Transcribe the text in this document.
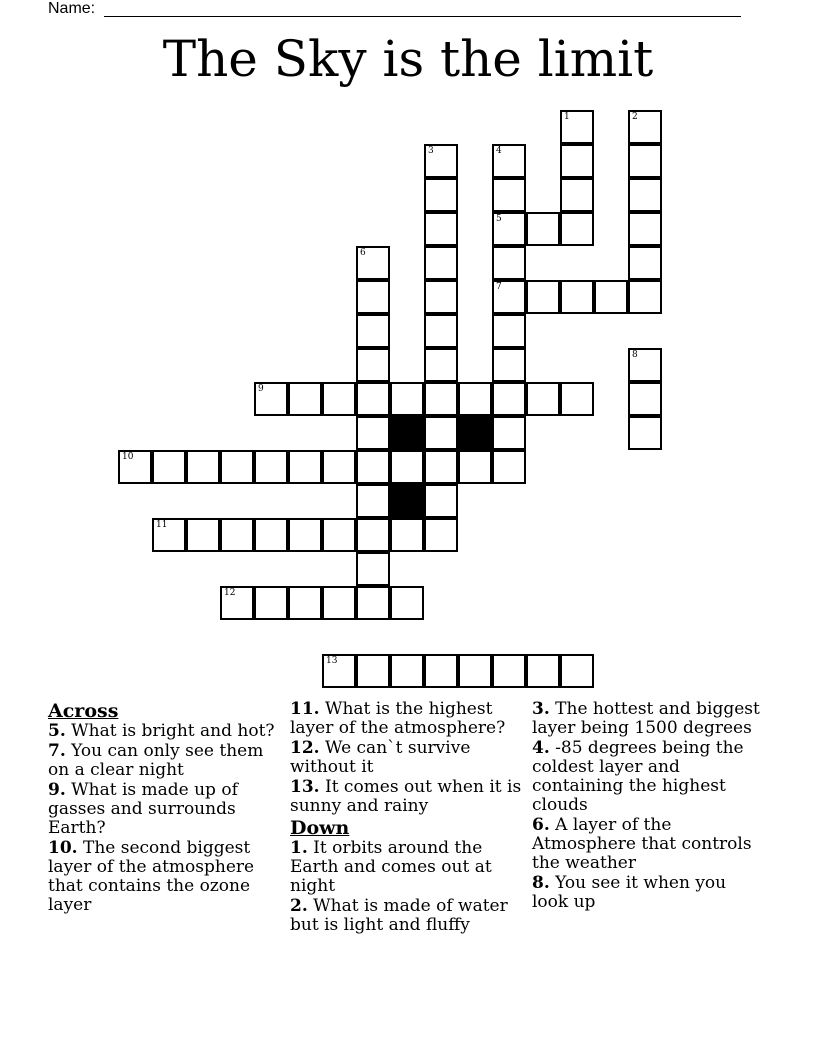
Name:
The Sky is the limit
1	2
3	4
5
6
7
8
9
10
11
12
13
Across
5. What is bright and hot?
7. You can only see them on a clear night
9. What is made up of gasses and surrounds Earth?
10. The second biggest layer of the atmosphere that contains the ozone layer
11. What is the highest layer of the atmosphere?
12. We can`t survive without it
13. It comes out when it is sunny and rainy
Down
1. It orbits around the Earth and comes out at night
2. What is made of water but is light and fluffy
3. The hottest and biggest layer being 1500 degrees
4. -85 degrees being the coldest layer and containing the highest clouds
6. A layer of the Atmosphere that controls the weather
8. You see it when you look up
